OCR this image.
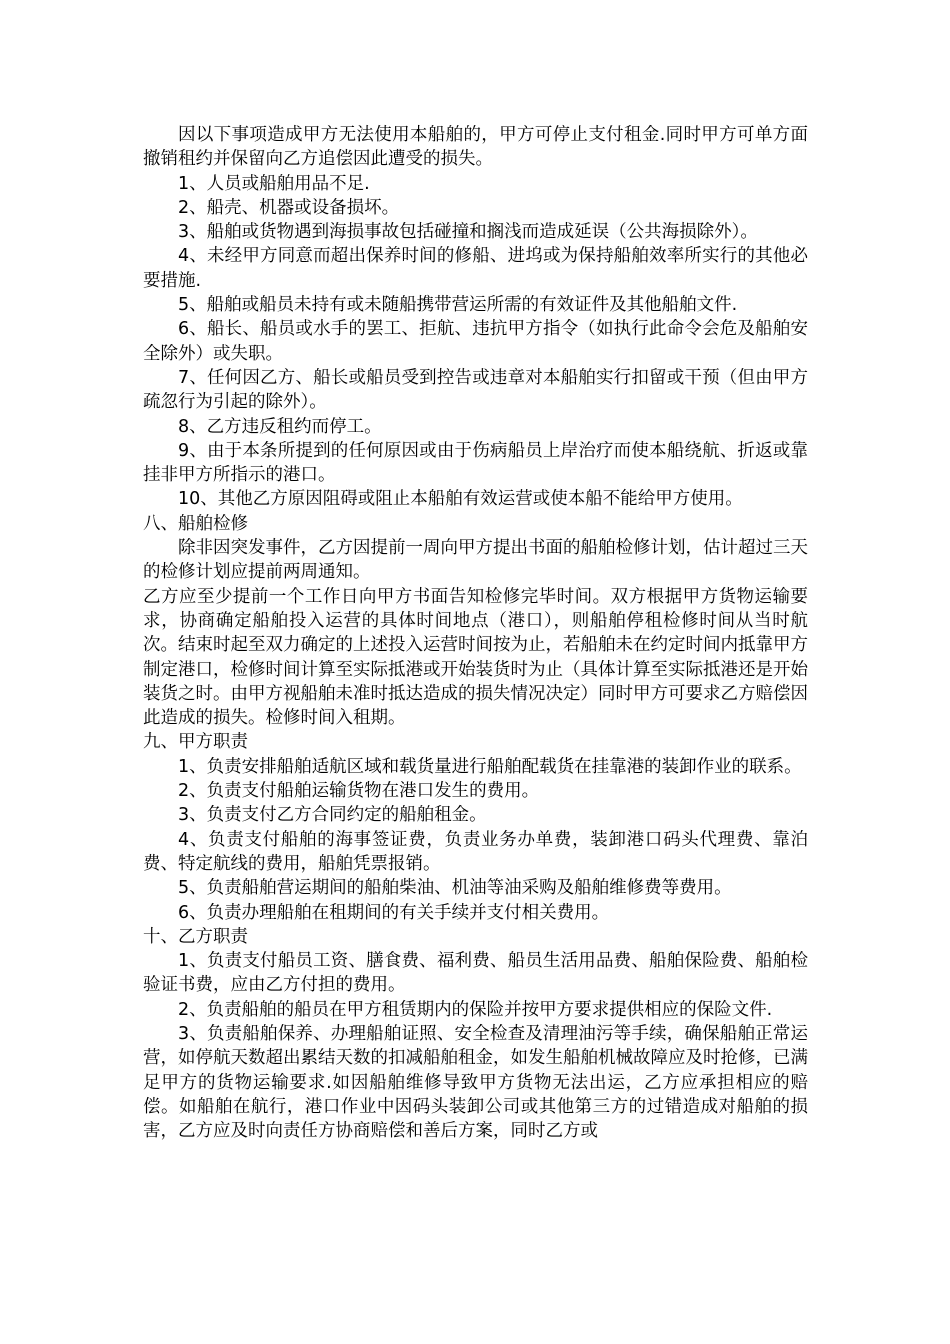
因以下事项造成甲方无法使用本船舶的，甲方可停止支付租金.同时甲方可单方面撤销租约并保留向乙方追偿因此遭受的损失。

1、人员或船舶用品不足.

2、船壳、机器或设备损坏。

3、船舶或货物遇到海损事故包括碰撞和搁浅而造成延误（公共海损除外）。

4、未经甲方同意而超出保养时间的修船、进坞或为保持船舶效率所实行的其他必要措施.

5、船舶或船员未持有或未随船携带营运所需的有效证件及其他船舶文件.

6、船长、船员或水手的罢工、拒航、违抗甲方指令（如执行此命令会危及船舶安全除外）或失职。

7、任何因乙方、船长或船员受到控告或违章对本船舶实行扣留或干预（但由甲方疏忽行为引起的除外）。

8、乙方违反租约而停工。

9、由于本条所提到的任何原因或由于伤病船员上岸治疗而使本船绕航、折返或靠挂非甲方所指示的港口。

10、其他乙方原因阻碍或阻止本船舶有效运营或使本船不能给甲方使用。

八、船舶检修

除非因突发事件，乙方因提前一周向甲方提出书面的船舶检修计划，估计超过三天的检修计划应提前两周通知。

乙方应至少提前一个工作日向甲方书面告知检修完毕时间。双方根据甲方货物运输要求，协商确定船舶投入运营的具体时间地点（港口），则船舶停租检修时间从当时航次。结束时起至双力确定的上述投入运营时间按为止，若船舶未在约定时间内抵靠甲方制定港口，检修时间计算至实际抵港或开始装货时为止（具体计算至实际抵港还是开始装货之时。由甲方视船舶未准时抵达造成的损失情况决定）同时甲方可要求乙方赔偿因此造成的损失。检修时间入租期。

九、甲方职责

1、负责安排船舶适航区域和载货量进行船舶配载货在挂靠港的装卸作业的联系。

2、负责支付船舶运输货物在港口发生的费用。

3、负责支付乙方合同约定的船舶租金。

4、负责支付船舶的海事签证费，负责业务办单费，装卸港口码头代理费、靠泊费、特定航线的费用，船舶凭票报销。

5、负责船舶营运期间的船舶柴油、机油等油采购及船舶维修费等费用。

6、负责办理船舶在租期间的有关手续并支付相关费用。

十、乙方职责

1、负责支付船员工资、膳食费、福利费、船员生活用品费、船舶保险费、船舶检验证书费，应由乙方付担的费用。

2、负责船舶的船员在甲方租赁期内的保险并按甲方要求提供相应的保险文件.

3、负责船舶保养、办理船舶证照、安全检查及清理油污等手续，确保船舶正常运营，如停航天数超出累结天数的扣减船舶租金，如发生船舶机械故障应及时抢修，已满足甲方的货物运输要求.如因船舶维修导致甲方货物无法出运，乙方应承担相应的赔偿。如船舶在航行，港口作业中因码头装卸公司或其他第三方的过错造成对船舶的损害，乙方应及时向责任方协商赔偿和善后方案，同时乙方或
